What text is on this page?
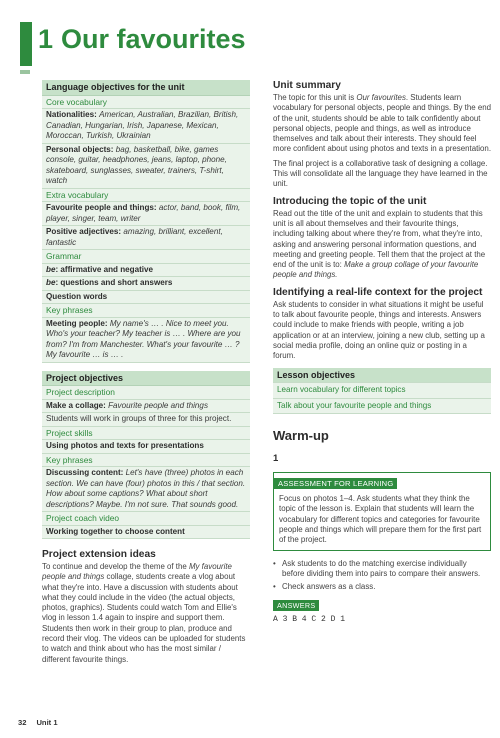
1 Our favourites
Language objectives for the unit
Core vocabulary
Nationalities: American, Australian, Brazilian, British, Canadian, Hungarian, Irish, Japanese, Mexican, Moroccan, Turkish, Ukrainian
Personal objects: bag, basketball, bike, games console, guitar, headphones, jeans, laptop, phone, skateboard, sunglasses, sweater, trainers, T-shirt, watch
Extra vocabulary
Favourite people and things: actor, band, book, film, player, singer, team, writer
Positive adjectives: amazing, brilliant, excellent, fantastic
Grammar
be: affirmative and negative
be: questions and short answers
Question words
Key phrases
Meeting people: My name's … . Nice to meet you. Who's your teacher? My teacher is … . Where are you from? I'm from Manchester. What's your favourite … ? My favourite … is … .
Project objectives
Project description
Make a collage: Favourite people and things
Students will work in groups of three for this project.
Project skills
Using photos and texts for presentations
Key phrases
Discussing content: Let's have (three) photos in each section. We can have (four) photos in this / that section. How about some captions? What about short descriptions? Maybe. I'm not sure. That sounds good.
Project coach video
Working together to choose content
Project extension ideas
To continue and develop the theme of the My favourite people and things collage, students create a vlog about what they're into. Have a discussion with students about what they could include in the video (the actual objects, photos, graphics). Students could watch Tom and Ellie's vlog in lesson 1.4 again to inspire and support them. Students then work in their group to plan, produce and record their vlog. The videos can be uploaded for students to watch and think about who has the most similar / different favourite things.
Unit summary
The topic for this unit is Our favourites. Students learn vocabulary for personal objects, people and things. By the end of the unit, students should be able to talk confidently about personal objects, people and things, as well as introduce themselves and talk about their interests. They should feel more confident about using photos and texts in a presentation.
The final project is a collaborative task of designing a collage. This will consolidate all the language they have learned in the unit.
Introducing the topic of the unit
Read out the title of the unit and explain to students that this unit is all about themselves and their favourite things, including talking about where they're from, what they're into, asking and answering personal information questions, and meeting and greeting people. Tell them that the project at the end of the unit is to: Make a group collage of your favourite people and things.
Identifying a real-life context for the project
Ask students to consider in what situations it might be useful to talk about favourite people, things and interests. Answers could include to make friends with people, writing a job application or at an interview, joining a new club, setting up a social media profile, doing an online quiz or posting in a forum.
Lesson objectives
Learn vocabulary for different topics
Talk about your favourite people and things
Warm-up
1
ASSESSMENT FOR LEARNING
Focus on photos 1–4. Ask students what they think the topic of the lesson is. Explain that students will learn the vocabulary for different topics and categories for favourite people and things which will prepare them for the first part of the project.
• Ask students to do the matching exercise individually before dividing them into pairs to compare their answers.
• Check answers as a class.
ANSWERS
A 3 B 4 C 2 D 1
32 Unit 1
